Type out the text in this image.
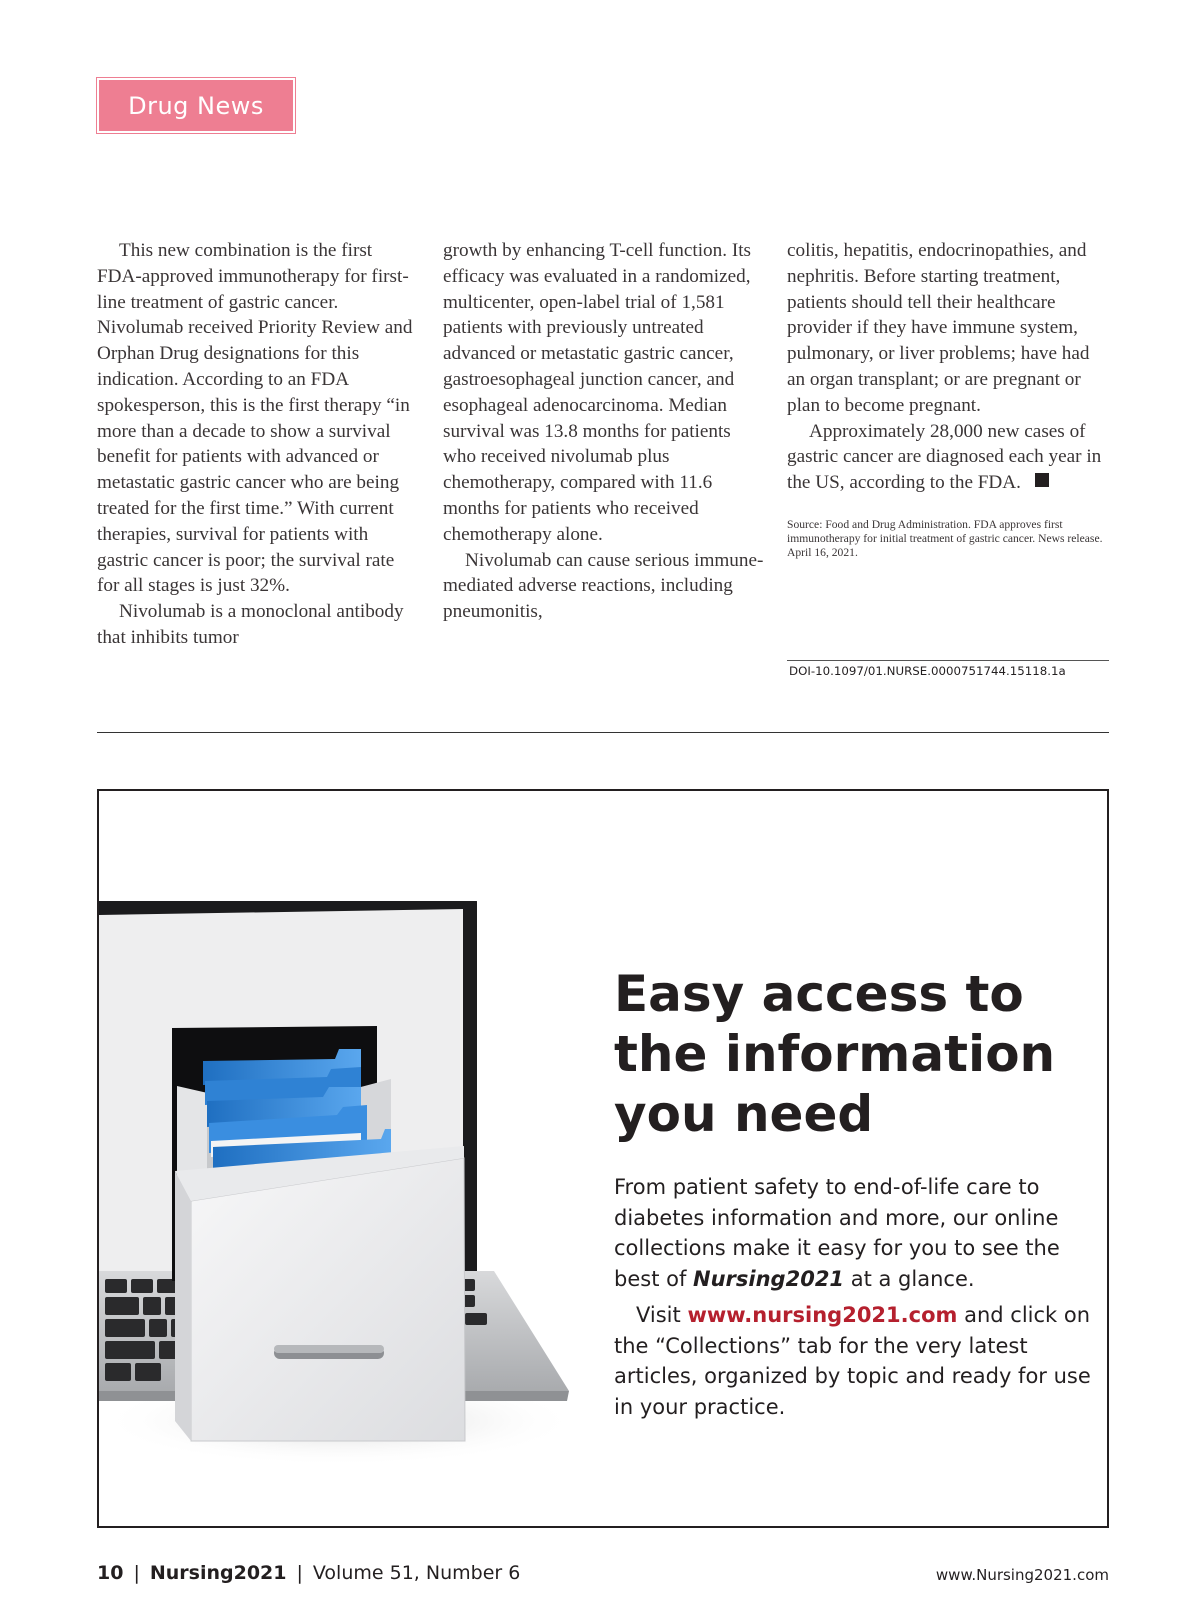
Drug News

This new combination is the first FDA-approved immunotherapy for first-line treatment of gastric cancer. Nivolumab received Priority Review and Orphan Drug designations for this indication. According to an FDA spokesperson, this is the first therapy “in more than a decade to show a survival benefit for patients with advanced or metastatic gastric cancer who are being treated for the first time.” With current therapies, survival for patients with gastric cancer is poor; the survival rate for all stages is just 32%.

Nivolumab is a monoclonal antibody that inhibits tumor

growth by enhancing T-cell function. Its efficacy was evaluated in a randomized, multicenter, open-label trial of 1,581 patients with previously untreated advanced or metastatic gastric cancer, gastroesophageal junction cancer, and esophageal adenocarcinoma. Median survival was 13.8 months for patients who received nivolumab plus chemotherapy, compared with 11.6 months for patients who received chemotherapy alone.

Nivolumab can cause serious immune-mediated adverse reactions, including pneumonitis,

colitis, hepatitis, endocrinopathies, and nephritis. Before starting treatment, patients should tell their healthcare provider if they have immune system, pulmonary, or liver problems; have had an organ transplant; or are pregnant or plan to become pregnant.

Approximately 28,000 new cases of gastric cancer are diagnosed each year in the US, according to the FDA.

Source: Food and Drug Administration. FDA approves first immunotherapy for initial treatment of gastric cancer. News release. April 16, 2021.
DOI-10.1097/01.NURSE.0000751744.15118.1a
Easy access to
the information
you need

From patient safety to end-of-life care to diabetes information and more, our online collections make it easy for you to see the best of Nursing2021 at a glance.

Visit www.nursing2021.com and click on the “Collections” tab for the very latest articles, organized by topic and ready for use in your practice.

10 | Nursing2021 | Volume 51, Number 6	www.Nursing2021.com
